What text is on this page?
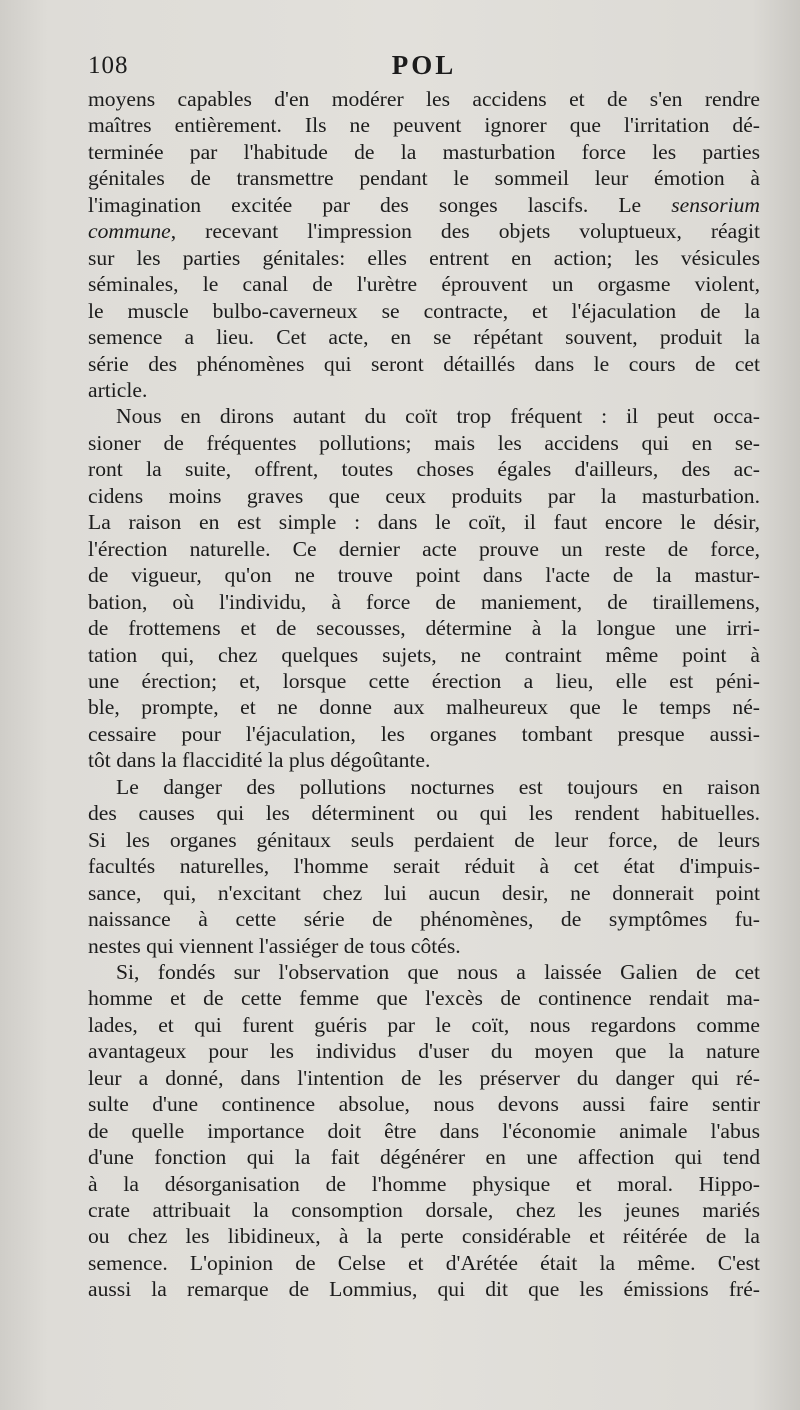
108	POL

moyens capables d'en modérer les accidens et de s'en rendre

maîtres entièrement. Ils ne peuvent ignorer que l'irritation dé-

terminée par l'habitude de la masturbation force les parties

génitales de transmettre pendant le sommeil leur émotion à

l'imagination excitée par des songes lascifs. Le sensorium

commune, recevant l'impression des objets voluptueux, réagit

sur les parties génitales: elles entrent en action; les vésicules

séminales, le canal de l'urètre éprouvent un orgasme violent,

le muscle bulbo-caverneux se contracte, et l'éjaculation de la

semence a lieu. Cet acte, en se répétant souvent, produit la

série des phénomènes qui seront détaillés dans le cours de cet

article.

Nous en dirons autant du coït trop fréquent : il peut occa-

sioner de fréquentes pollutions; mais les accidens qui en se-

ront la suite, offrent, toutes choses égales d'ailleurs, des ac-

cidens moins graves que ceux produits par la masturbation.

La raison en est simple : dans le coït, il faut encore le désir,

l'érection naturelle. Ce dernier acte prouve un reste de force,

de vigueur, qu'on ne trouve point dans l'acte de la mastur-

bation, où l'individu, à force de maniement, de tiraillemens,

de frottemens et de secousses, détermine à la longue une irri-

tation qui, chez quelques sujets, ne contraint même point à

une érection; et, lorsque cette érection a lieu, elle est péni-

ble, prompte, et ne donne aux malheureux que le temps né-

cessaire pour l'éjaculation, les organes tombant presque aussi-

tôt dans la flaccidité la plus dégoûtante.

Le danger des pollutions nocturnes est toujours en raison

des causes qui les déterminent ou qui les rendent habituelles.

Si les organes génitaux seuls perdaient de leur force, de leurs

facultés naturelles, l'homme serait réduit à cet état d'impuis-

sance, qui, n'excitant chez lui aucun desir, ne donnerait point

naissance à cette série de phénomènes, de symptômes fu-

nestes qui viennent l'assiéger de tous côtés.

Si, fondés sur l'observation que nous a laissée Galien de cet

homme et de cette femme que l'excès de continence rendait ma-

lades, et qui furent guéris par le coït, nous regardons comme

avantageux pour les individus d'user du moyen que la nature

leur a donné, dans l'intention de les préserver du danger qui ré-

sulte d'une continence absolue, nous devons aussi faire sentir

de quelle importance doit être dans l'économie animale l'abus

d'une fonction qui la fait dégénérer en une affection qui tend

à la désorganisation de l'homme physique et moral. Hippo-

crate attribuait la consomption dorsale, chez les jeunes mariés

ou chez les libidineux, à la perte considérable et réitérée de la

semence. L'opinion de Celse et d'Arétée était la même. C'est

aussi la remarque de Lommius, qui dit que les émissions fré-
